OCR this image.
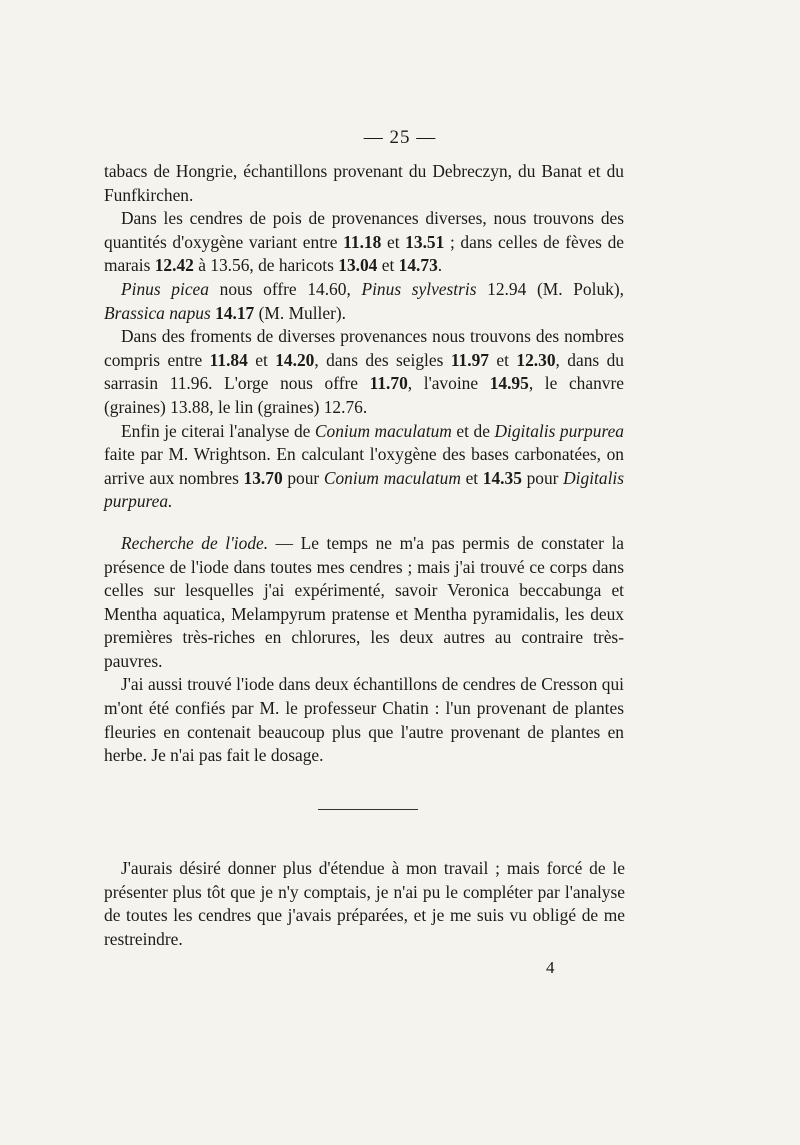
— 25 —

tabacs de Hongrie, échantillons provenant du Debreczyn, du Banat et du Funfkirchen.

Dans les cendres de pois de provenances diverses, nous trouvons des quantités d'oxygène variant entre 11.18 et 13.51 ; dans celles de fèves de marais 12.42 à 13.56, de haricots 13.04 et 14.73.

Pinus picea nous offre 14.60, Pinus sylvestris 12.94 (M. Poluk), Brassica napus 14.17 (M. Muller).

Dans des froments de diverses provenances nous trouvons des nombres compris entre 11.84 et 14.20, dans des seigles 11.97 et 12.30, dans du sarrasin 11.96. L'orge nous offre 11.70, l'avoine 14.95, le chanvre (graines) 13.88, le lin (graines) 12.76.

Enfin je citerai l'analyse de Conium maculatum et de Digitalis purpurea faite par M. Wrightson. En calculant l'oxygène des bases carbonatées, on arrive aux nombres 13.70 pour Conium maculatum et 14.35 pour Digitalis purpurea.

Recherche de l'iode. — Le temps ne m'a pas permis de constater la présence de l'iode dans toutes mes cendres ; mais j'ai trouvé ce corps dans celles sur lesquelles j'ai expérimenté, savoir Veronica beccabunga et Mentha aquatica, Melampyrum pratense et Mentha pyramidalis, les deux premières très-riches en chlorures, les deux autres au contraire très-pauvres.

J'ai aussi trouvé l'iode dans deux échantillons de cendres de Cresson qui m'ont été confiés par M. le professeur Chatin : l'un provenant de plantes fleuries en contenait beaucoup plus que l'autre provenant de plantes en herbe. Je n'ai pas fait le dosage.

J'aurais désiré donner plus d'étendue à mon travail ; mais forcé de le présenter plus tôt que je n'y comptais, je n'ai pu le compléter par l'analyse de toutes les cendres que j'avais préparées, et je me suis vu obligé de me restreindre.

4
